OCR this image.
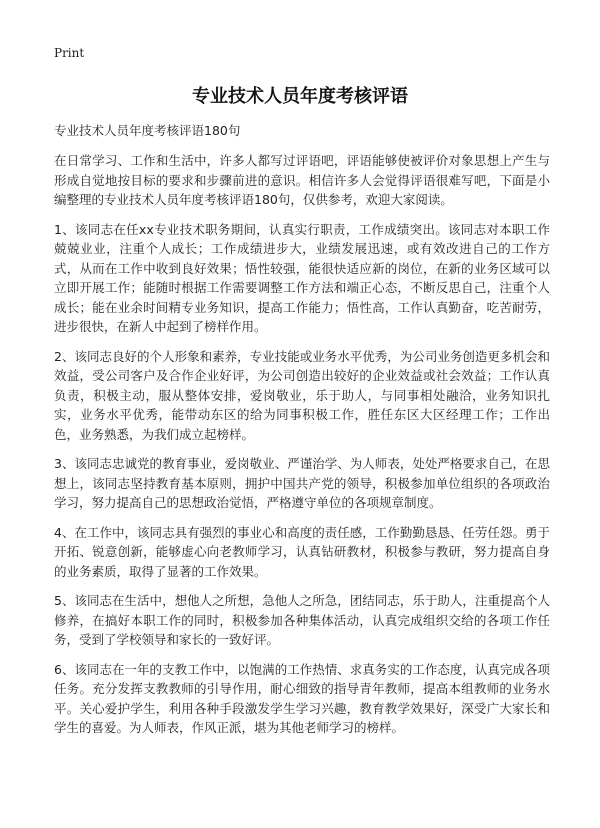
Print
专业技术人员年度考核评语

专业技术人员年度考核评语180句

在日常学习、工作和生活中，许多人都写过评语吧，评语能够使被评价对象思想上产生与形成自觉地按目标的要求和步骤前进的意识。相信许多人会觉得评语很难写吧，下面是小编整理的专业技术人员年度考核评语180句，仅供参考，欢迎大家阅读。

1、该同志在任xx专业技术职务期间，认真实行职责，工作成绩突出。该同志对本职工作兢兢业业，注重个人成长；工作成绩进步大，业绩发展迅速，或有效改进自己的工作方式，从而在工作中收到良好效果；悟性较强，能很快适应新的岗位，在新的业务区域可以立即开展工作；能随时根据工作需要调整工作方法和端正心态，不断反思自己，注重个人成长；能在业余时间精专业务知识，提高工作能力；悟性高，工作认真勤奋，吃苦耐劳，进步很快，在新人中起到了榜样作用。

2、该同志良好的个人形象和素养，专业技能或业务水平优秀，为公司业务创造更多机会和效益，受公司客户及合作企业好评，为公司创造出较好的企业效益或社会效益；工作认真负责，积极主动，服从整体安排，爱岗敬业，乐于助人，与同事相处融洽，业务知识扎实，业务水平优秀，能带动东区的给为同事积极工作，胜任东区大区经理工作；工作出色，业务熟悉，为我们成立起榜样。

3、该同志忠诚党的教育事业，爱岗敬业、严谨治学、为人师表，处处严格要求自己，在思想上，该同志坚持教育基本原则，拥护中国共产党的领导，积极参加单位组织的各项政治学习，努力提高自己的思想政治觉悟，严格遵守单位的各项规章制度。

4、在工作中，该同志具有强烈的事业心和高度的责任感，工作勤勤恳恳、任劳任怨。勇于开拓、锐意创新，能够虚心向老教师学习，认真钻研教材，积极参与教研，努力提高自身的业务素质，取得了显著的工作效果。

5、该同志在生活中，想他人之所想，急他人之所急，团结同志，乐于助人，注重提高个人修养，在搞好本职工作的同时，积极参加各种集体活动，认真完成组织交给的各项工作任务，受到了学校领导和家长的一致好评。

6、该同志在一年的支教工作中，以饱满的工作热情、求真务实的工作态度，认真完成各项任务。充分发挥支教教师的引导作用，耐心细致的指导青年教师，提高本组教师的业务水平。关心爱护学生，利用各种手段激发学生学习兴趣，教育教学效果好，深受广大家长和学生的喜爱。为人师表，作风正派，堪为其他老师学习的榜样。
